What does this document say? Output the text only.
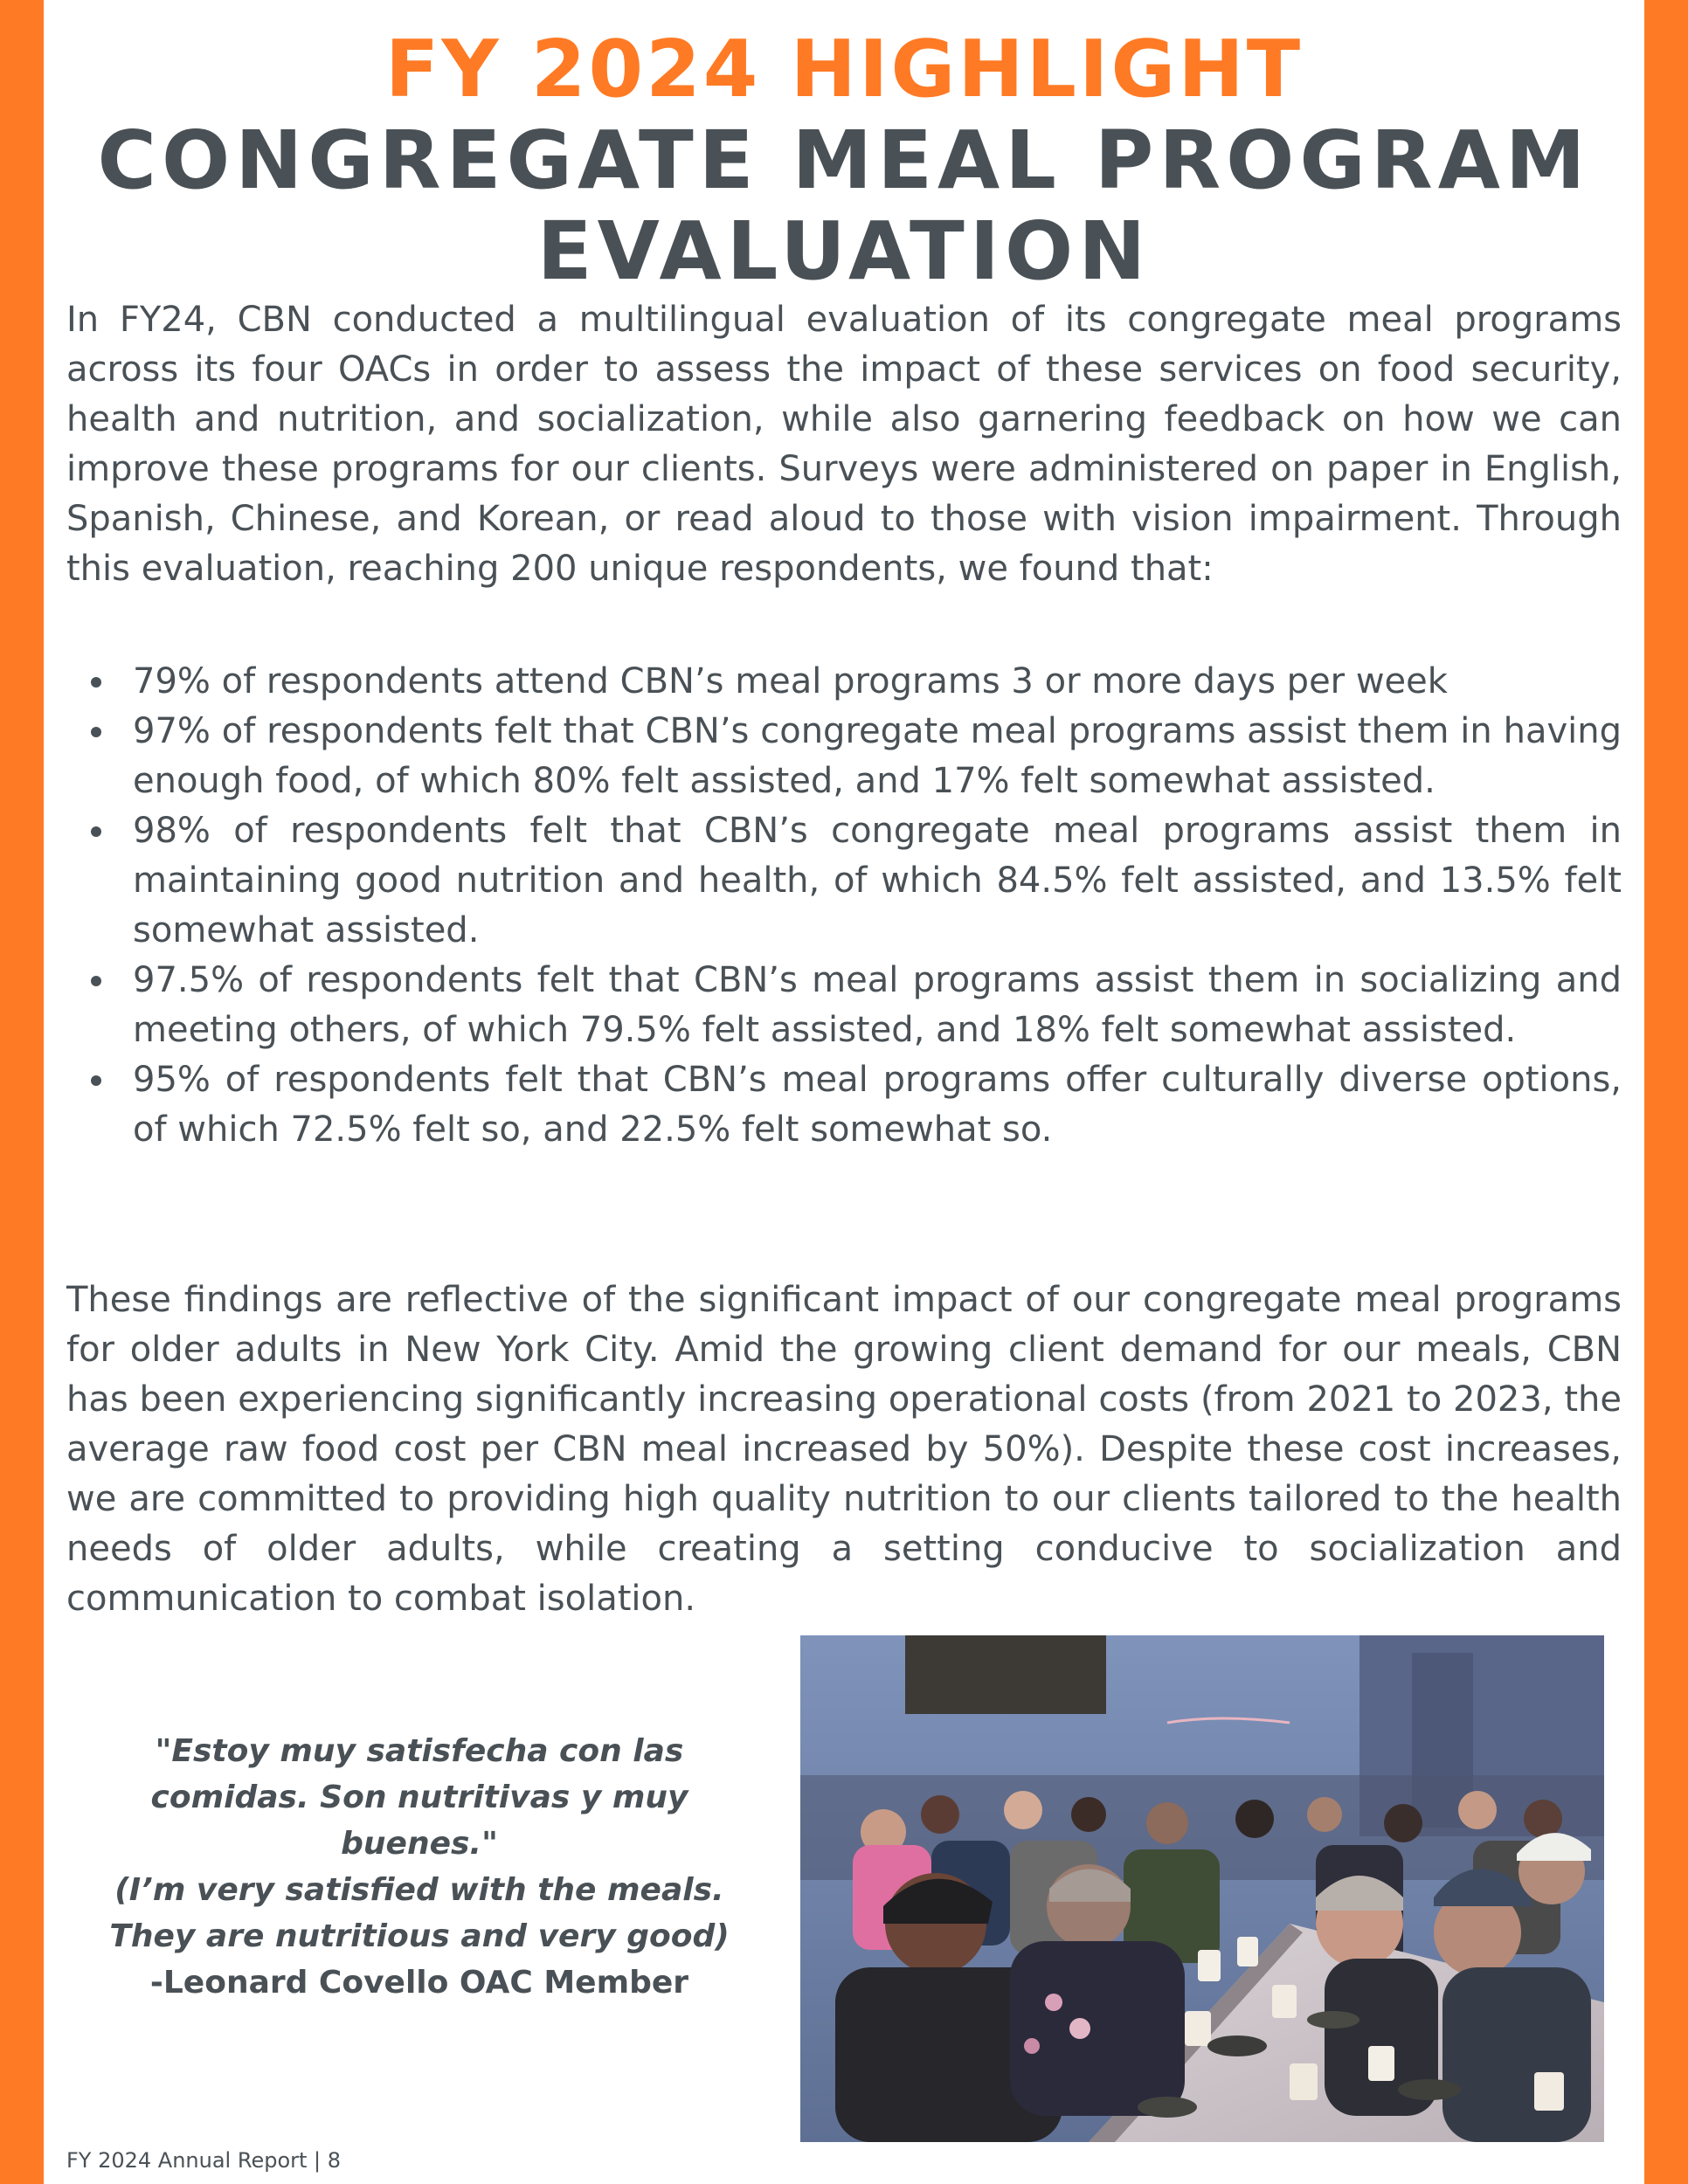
FY 2024 HIGHLIGHT
CONGREGATE MEAL PROGRAM EVALUATION
In FY24, CBN conducted a multilingual evaluation of its congregate meal programs across its four OACs in order to assess the impact of these services on food security, health and nutrition, and socialization, while also garnering feedback on how we can improve these programs for our clients. Surveys were administered on paper in English, Spanish, Chinese, and Korean, or read aloud to those with vision impairment. Through this evaluation, reaching 200 unique respondents, we found that:
79% of respondents attend CBN’s meal programs 3 or more days per week
97% of respondents felt that CBN’s congregate meal programs assist them in having enough food, of which 80% felt assisted, and 17% felt somewhat assisted.
98% of respondents felt that CBN’s congregate meal programs assist them in maintaining good nutrition and health, of which 84.5% felt assisted, and 13.5% felt somewhat assisted.
97.5% of respondents felt that CBN’s meal programs assist them in socializing and meeting others, of which 79.5% felt assisted, and 18% felt somewhat assisted.
95% of respondents felt that CBN’s meal programs offer culturally diverse options, of which 72.5% felt so, and 22.5% felt somewhat so.
These findings are reflective of the significant impact of our congregate meal programs for older adults in New York City. Amid the growing client demand for our meals, CBN has been experiencing significantly increasing operational costs (from 2021 to 2023, the average raw food cost per CBN meal increased by 50%). Despite these cost increases, we are committed to providing high quality nutrition to our clients tailored to the health needs of older adults, while creating a setting conducive to socialization and communication to combat isolation.
"Estoy muy satisfecha con las
comidas. Son nutritivas y muy
buenes."
(I’m very satisfied with the meals.
They are nutritious and very good)
-Leonard Covello OAC Member
FY 2024 Annual Report | 8
